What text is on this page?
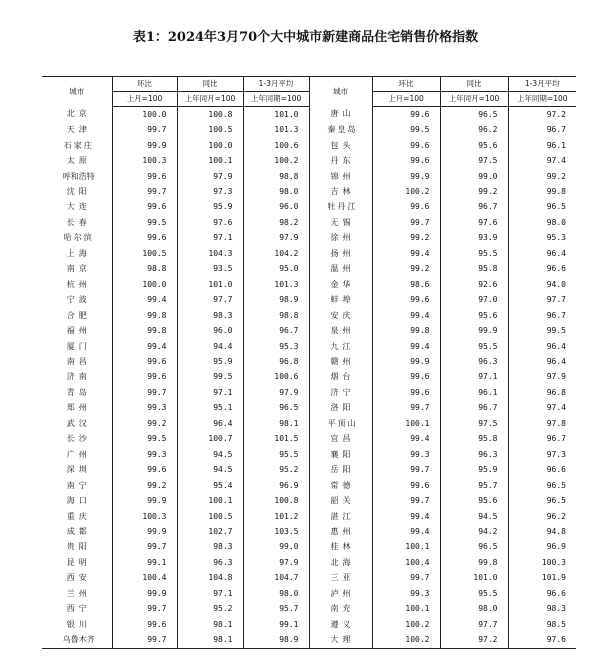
表1：2024年3月70个大中城市新建商品住宅销售价格指数
城市	环比	同比	1-3月平均	城市	环比	同比	1-3月平均
	上月=100	上年同月=100	上年同期=100		上月=100	上年同月=100	上年同期=100
北京	100.0	100.8	101.0	唐山	99.6	96.5	97.2
天津	99.7	100.5	101.3	秦皇岛	99.5	96.2	96.7
石家庄	99.9	100.0	100.6	包头	99.6	95.6	96.1
太原	100.3	100.1	100.2	丹东	99.6	97.5	97.4
呼和浩特	99.6	97.9	98.8	锦州	99.9	99.0	99.2
沈阳	99.7	97.3	98.0	吉林	100.2	99.2	99.8
大连	99.6	95.9	96.0	牡丹江	99.6	96.7	96.5
长春	99.5	97.6	98.2	无锡	99.7	97.6	98.0
哈尔滨	99.6	97.1	97.9	徐州	99.2	93.9	95.3
上海	100.5	104.3	104.2	扬州	99.4	95.5	96.4
南京	98.8	93.5	95.0	温州	99.2	95.8	96.6
杭州	100.0	101.0	101.3	金华	98.6	92.6	94.0
宁波	99.4	97.7	98.9	蚌埠	99.6	97.0	97.7
合肥	99.8	98.3	98.8	安庆	99.4	95.6	96.7
福州	99.8	96.0	96.7	泉州	99.8	99.9	99.5
厦门	99.4	94.4	95.3	九江	99.4	95.5	96.4
南昌	99.6	95.9	96.8	赣州	99.9	96.3	96.4
济南	99.6	99.5	100.6	烟台	99.6	97.1	97.9
青岛	99.7	97.1	97.9	济宁	99.6	96.1	96.8
郑州	99.3	95.1	96.5	洛阳	99.7	96.7	97.4
武汉	99.2	96.4	98.1	平顶山	100.1	97.5	97.8
长沙	99.5	100.7	101.5	宜昌	99.4	95.8	96.7
广州	99.3	94.5	95.5	襄阳	99.3	96.3	97.3
深圳	99.6	94.5	95.2	岳阳	99.7	95.9	96.6
南宁	99.2	95.4	96.9	常德	99.6	95.7	96.5
海口	99.9	100.1	100.8	韶关	99.7	95.6	96.5
重庆	100.3	100.5	101.2	湛江	99.4	94.5	96.2
成都	99.9	102.7	103.5	惠州	99.4	94.2	94.8
贵阳	99.7	98.3	99.0	桂林	100.1	96.5	96.9
昆明	99.1	96.3	97.9	北海	100.4	99.8	100.3
西安	100.4	104.8	104.7	三亚	99.7	101.0	101.9
兰州	99.9	97.1	98.0	泸州	99.3	95.5	96.6
西宁	99.7	95.2	95.7	南充	100.1	98.0	98.3
银川	99.6	98.1	99.1	遵义	100.2	97.7	98.5
乌鲁木齐	99.7	98.1	98.9	大理	100.2	97.2	97.6
